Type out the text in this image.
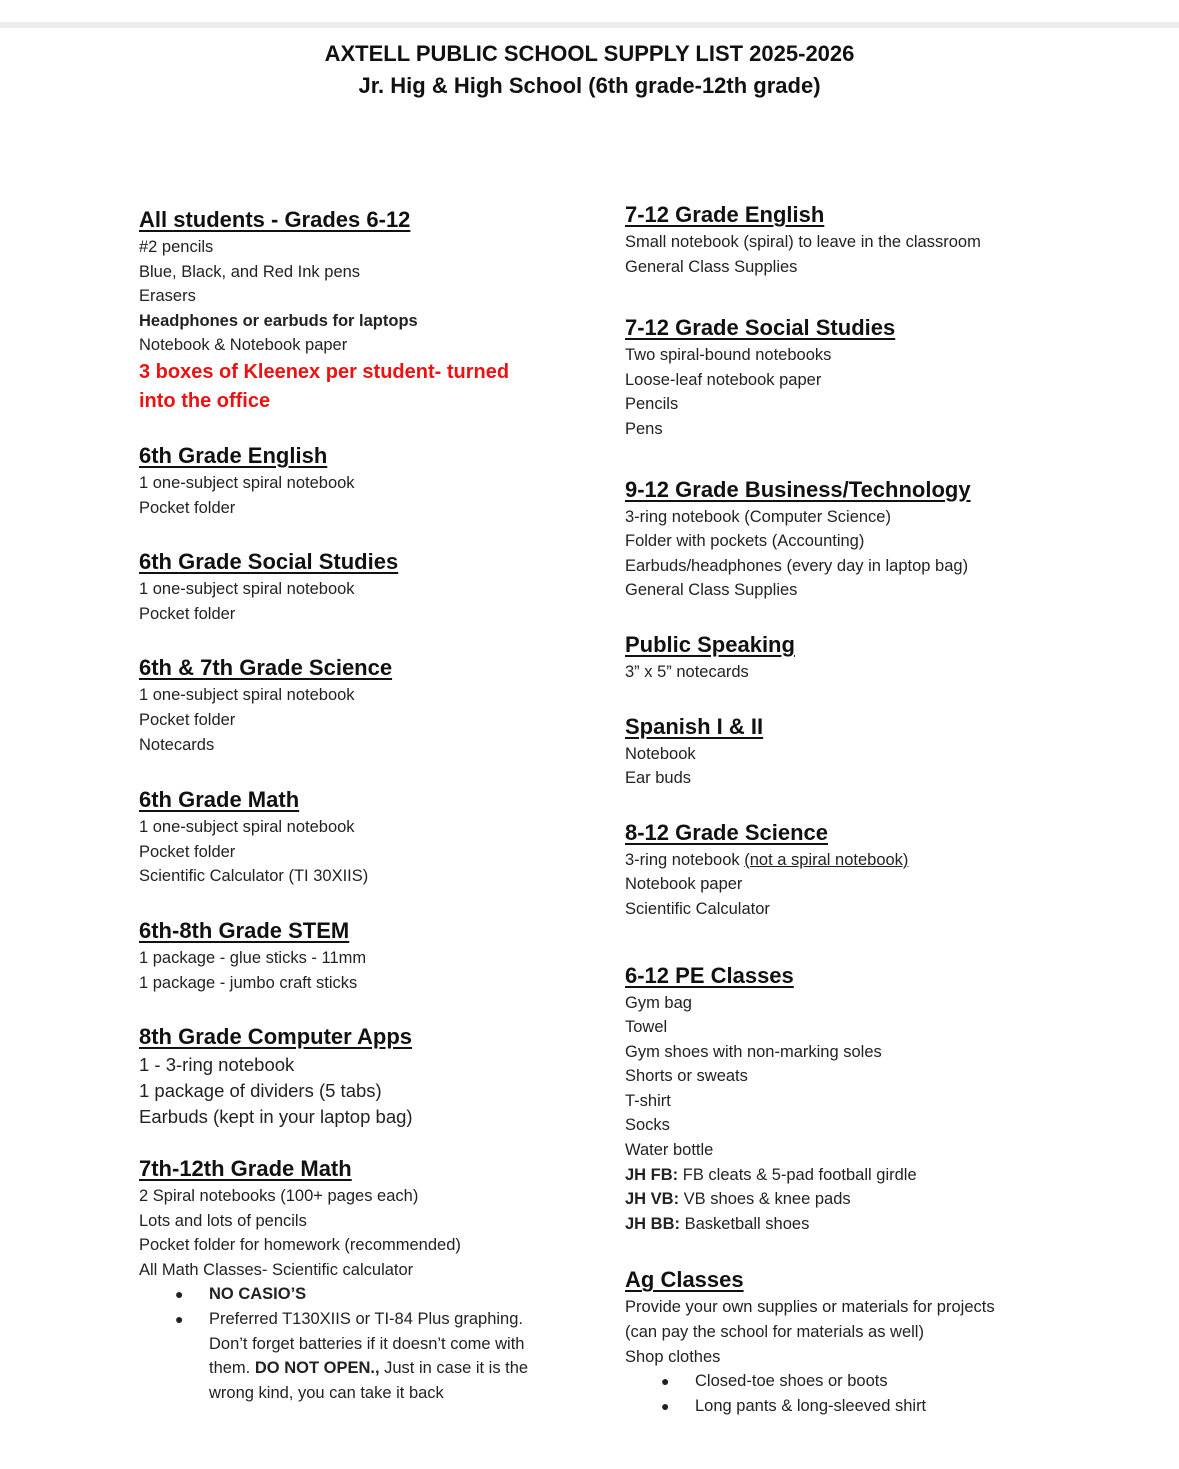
AXTELL PUBLIC SCHOOL SUPPLY LIST 2025-2026
Jr. Hig & High School (6th grade-12th grade)
All students - Grades 6-12
#2 pencils
Blue, Black, and Red Ink pens
Erasers
Headphones or earbuds for laptops
Notebook & Notebook paper
3 boxes of Kleenex per student- turned
into the office
6th Grade English
1 one-subject spiral notebook
Pocket folder
6th Grade Social Studies
1 one-subject spiral notebook
Pocket folder
6th & 7th Grade Science
1 one-subject spiral notebook
Pocket folder
Notecards
6th Grade Math
1 one-subject spiral notebook
Pocket folder
Scientific Calculator (TI 30XIIS)
6th-8th Grade STEM
1 package - glue sticks - 11mm
1 package - jumbo craft sticks
8th Grade Computer Apps
1 - 3-ring notebook
1 package of dividers (5 tabs)
Earbuds (kept in your laptop bag)
7th-12th Grade Math
2 Spiral notebooks (100+ pages each)
Lots and lots of pencils
Pocket folder for homework (recommended)
All Math Classes- Scientific calculator
● NO CASIO’S
● Preferred T130XIIS or TI-84 Plus graphing.
Don’t forget batteries if it doesn’t come with
them. DO NOT OPEN., Just in case it is the
wrong kind, you can take it back
7-12 Grade English
Small notebook (spiral) to leave in the classroom
General Class Supplies
7-12 Grade Social Studies
Two spiral-bound notebooks
Loose-leaf notebook paper
Pencils
Pens
9-12 Grade Business/Technology
3-ring notebook (Computer Science)
Folder with pockets (Accounting)
Earbuds/headphones (every day in laptop bag)
General Class Supplies
Public Speaking
3” x 5” notecards
Spanish I & II
Notebook
Ear buds
8-12 Grade Science
3-ring notebook (not a spiral notebook)
Notebook paper
Scientific Calculator
6-12 PE Classes
Gym bag
Towel
Gym shoes with non-marking soles
Shorts or sweats
T-shirt
Socks
Water bottle
JH FB: FB cleats & 5-pad football girdle
JH VB: VB shoes & knee pads
JH BB: Basketball shoes
Ag Classes
Provide your own supplies or materials for projects
(can pay the school for materials as well)
Shop clothes
● Closed-toe shoes or boots
● Long pants & long-sleeved shirt
